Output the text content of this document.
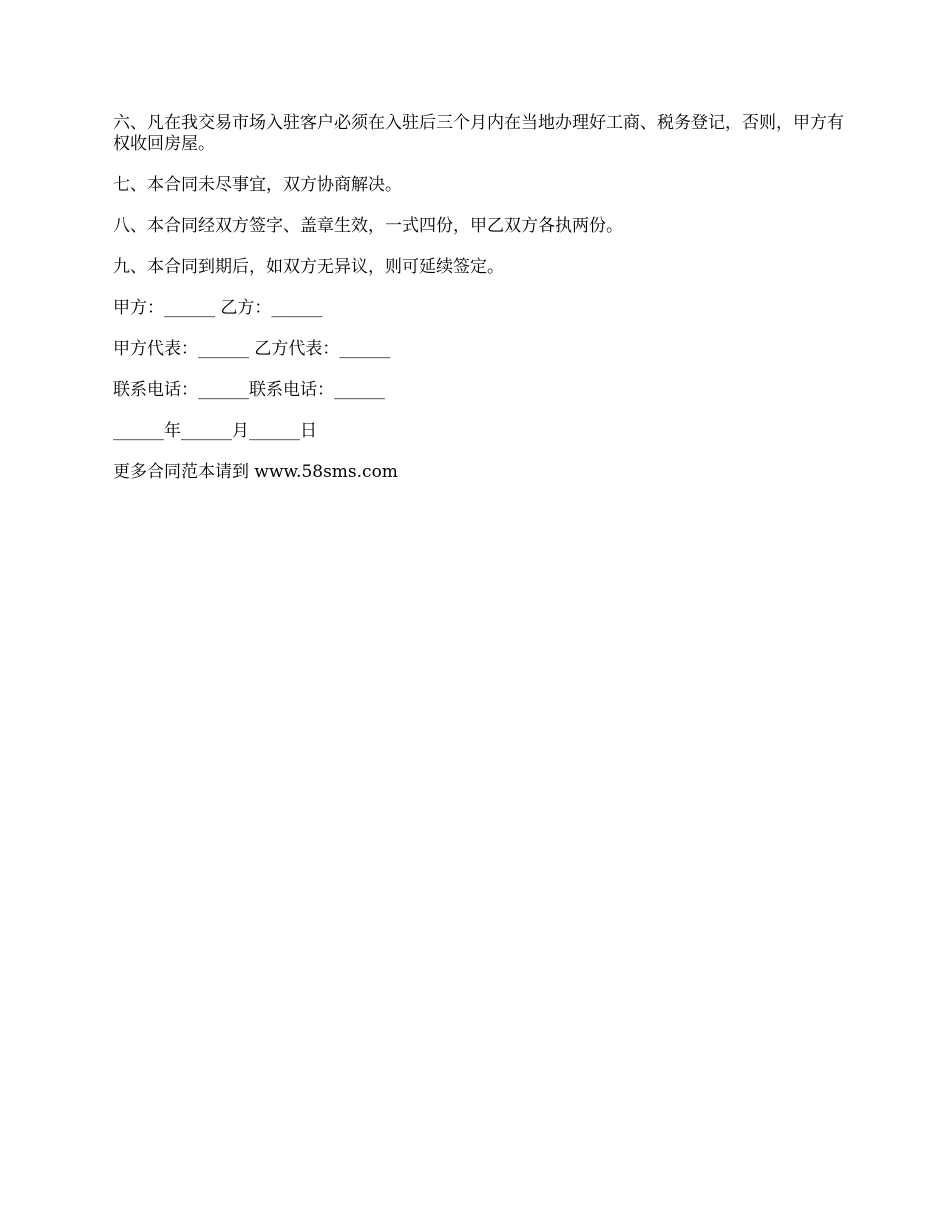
六、凡在我交易市场入驻客户必须在入驻后三个月内在当地办理好工商、税务登记，否则，甲方有权收回房屋。

七、本合同未尽事宜，双方协商解决。

八、本合同经双方签字、盖章生效，一式四份，甲乙双方各执两份。

九、本合同到期后，如双方无异议，则可延续签定。

甲方：______ 乙方：______

甲方代表：______ 乙方代表：______

联系电话：______联系电话：______

______年______月______日

更多合同范本请到 www.58sms.com
